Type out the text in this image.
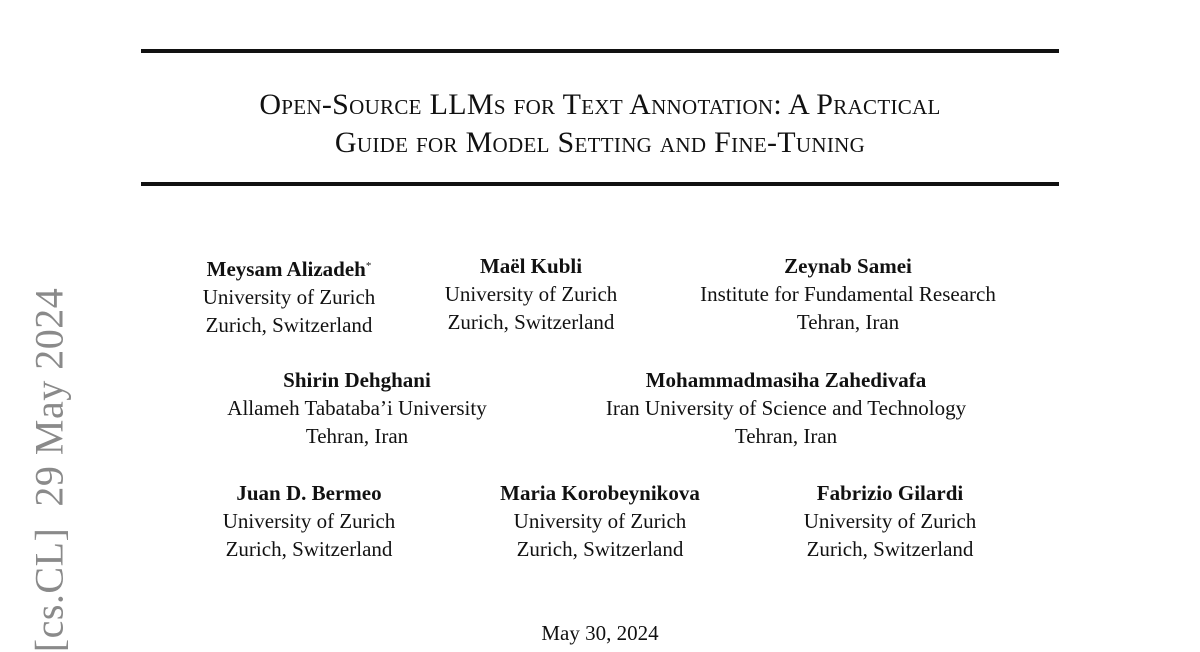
Open-Source LLMs for Text Annotation: A Practical
Guide for Model Setting and Fine-Tuning
Meysam Alizadeh*
University of Zurich
Zurich, Switzerland
Maël Kubli
University of Zurich
Zurich, Switzerland
Zeynab Samei
Institute for Fundamental Research
Tehran, Iran
Shirin Dehghani
Allameh Tabataba’i University
Tehran, Iran
Mohammadmasiha Zahedivafa
Iran University of Science and Technology
Tehran, Iran
Juan D. Bermeo
University of Zurich
Zurich, Switzerland
Maria Korobeynikova
University of Zurich
Zurich, Switzerland
Fabrizio Gilardi
University of Zurich
Zurich, Switzerland
May 30, 2024
[cs.CL]  29 May 2024
